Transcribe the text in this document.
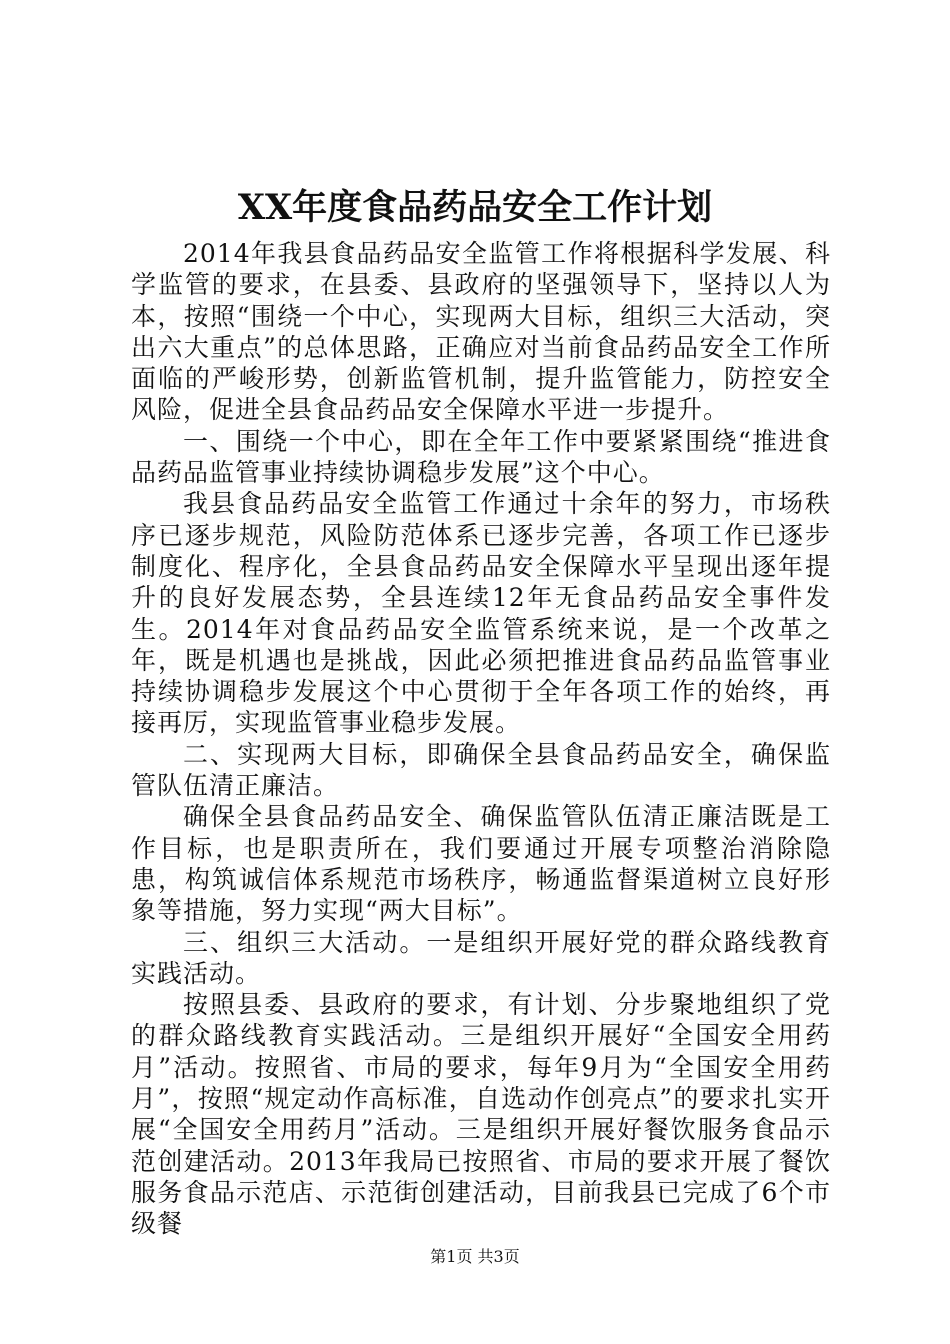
XX年度食品药品安全工作计划

2014年我县食品药品安全监管工作将根据科学发展、科学监管的要求，在县委、县政府的坚强领导下，坚持以人为本，按照“围绕一个中心，实现两大目标，组织三大活动，突出六大重点”的总体思路，正确应对当前食品药品安全工作所面临的严峻形势，创新监管机制，提升监管能力，防控安全风险，促进全县食品药品安全保障水平进一步提升。

一、围绕一个中心，即在全年工作中要紧紧围绕“推进食品药品监管事业持续协调稳步发展”这个中心。

我县食品药品安全监管工作通过十余年的努力，市场秩序已逐步规范，风险防范体系已逐步完善，各项工作已逐步制度化、程序化，全县食品药品安全保障水平呈现出逐年提升的良好发展态势，全县连续12年无食品药品安全事件发生。2014年对食品药品安全监管系统来说，是一个改革之年，既是机遇也是挑战，因此必须把推进食品药品监管事业持续协调稳步发展这个中心贯彻于全年各项工作的始终，再接再厉，实现监管事业稳步发展。

二、实现两大目标，即确保全县食品药品安全，确保监管队伍清正廉洁。

确保全县食品药品安全、确保监管队伍清正廉洁既是工作目标，也是职责所在，我们要通过开展专项整治消除隐患，构筑诚信体系规范市场秩序，畅通监督渠道树立良好形象等措施，努力实现“两大目标”。

三、组织三大活动。一是组织开展好党的群众路线教育实践活动。

按照县委、县政府的要求，有计划、分步聚地组织了党的群众路线教育实践活动。三是组织开展好“全国安全用药月”活动。按照省、市局的要求，每年9月为“全国安全用药月”，按照“规定动作高标准，自选动作创亮点”的要求扎实开展“全国安全用药月”活动。三是组织开展好餐饮服务食品示范创建活动。2013年我局已按照省、市局的要求开展了餐饮服务食品示范店、示范街创建活动，目前我县已完成了6个市级餐

第1页 共3页
